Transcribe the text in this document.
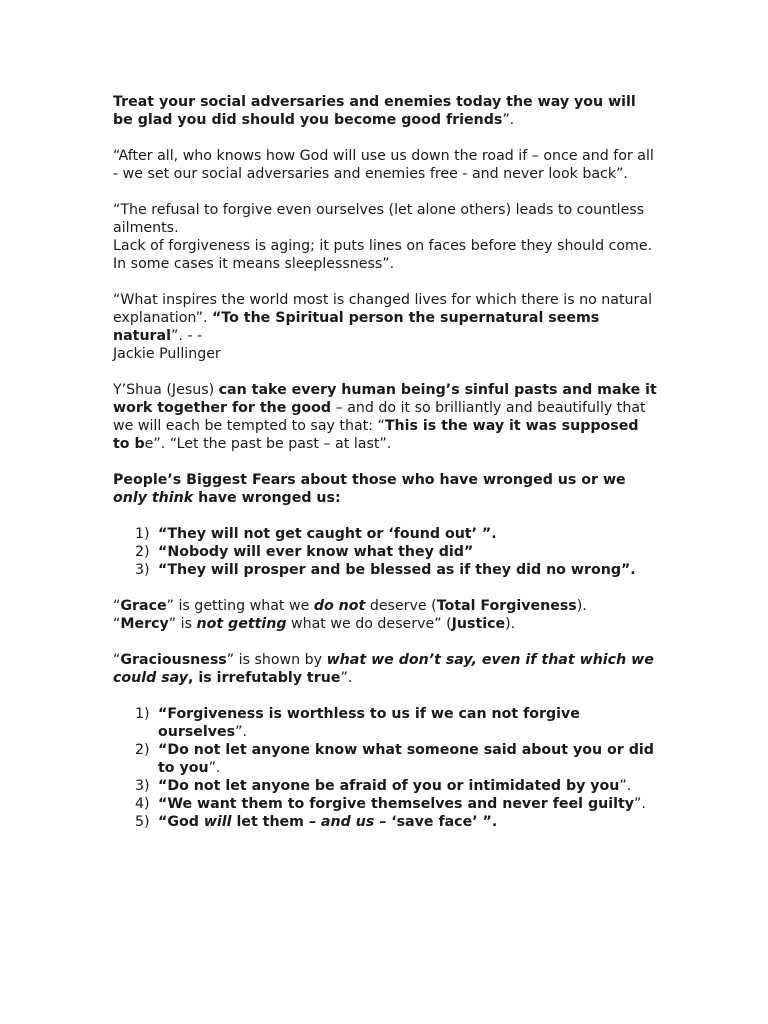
Treat your social adversaries and enemies today the way you will be glad you did should you become good friends”.

“After all, who knows how God will use us down the road if – once and for all - we set our social adversaries and enemies free - and never look back”.

“The refusal to forgive even ourselves (let alone others) leads to countless ailments.
Lack of forgiveness is aging; it puts lines on faces before they should come. In some cases it means sleeplessness”.

“What inspires the world most is changed lives for which there is no natural explanation”. “To the Spiritual person the supernatural seems natural”. - -
Jackie Pullinger

Y’Shua (Jesus) can take every human being’s sinful pasts and make it work together for the good – and do it so brilliantly and beautifully that we will each be tempted to say that: “This is the way it was supposed to be”. “Let the past be past – at last”.

People’s Biggest Fears about those who have wronged us or we only think have wronged us:

1) “They will not get caught or ‘found out’ ”.
2) “Nobody will ever know what they did”
3) “They will prosper and be blessed as if they did no wrong”.

“Grace” is getting what we do not deserve (Total Forgiveness).

“Mercy” is not getting what we do deserve” (Justice).

“Graciousness” is shown by what we don’t say, even if that which we could say, is irrefutably true”.

1) “Forgiveness is worthless to us if we can not forgive ourselves”.
2) “Do not let anyone know what someone said about you or did to you”.
3) “Do not let anyone be afraid of you or intimidated by you”.
4) “We want them to forgive themselves and never feel guilty”.
5) “God will let them – and us – ‘save face’ ”.
